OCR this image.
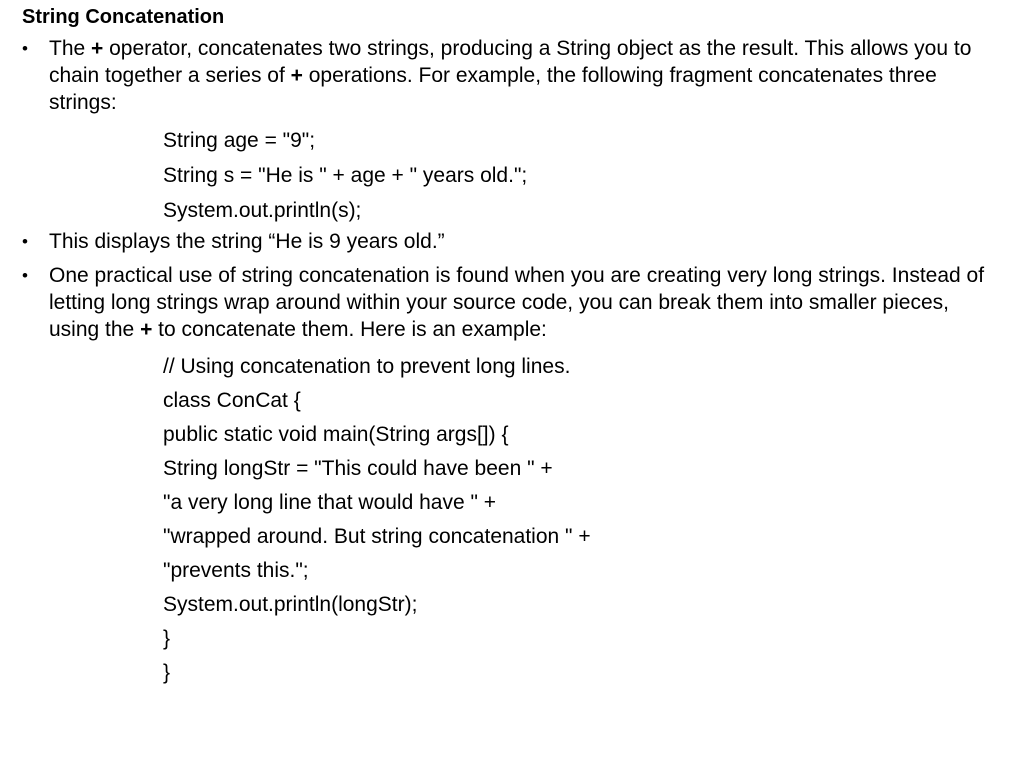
String Concatenation
•	The + operator, concatenates two strings, producing a String object as the result. This allows you to chain together a series of + operations. For example, the following fragment concatenates three strings:
String age = "9";
String s = "He is " + age + " years old.";
System.out.println(s);
•	This displays the string “He is 9 years old.”
•	One practical use of string concatenation is found when you are creating very long strings. Instead of letting long strings wrap around within your source code, you can break them into smaller pieces, using the + to concatenate them. Here is an example:
// Using concatenation to prevent long lines.
class ConCat {
public static void main(String args[]) {
String longStr = "This could have been " +
"a very long line that would have " +
"wrapped around. But string concatenation " +
"prevents this.";
System.out.println(longStr);
}
}
